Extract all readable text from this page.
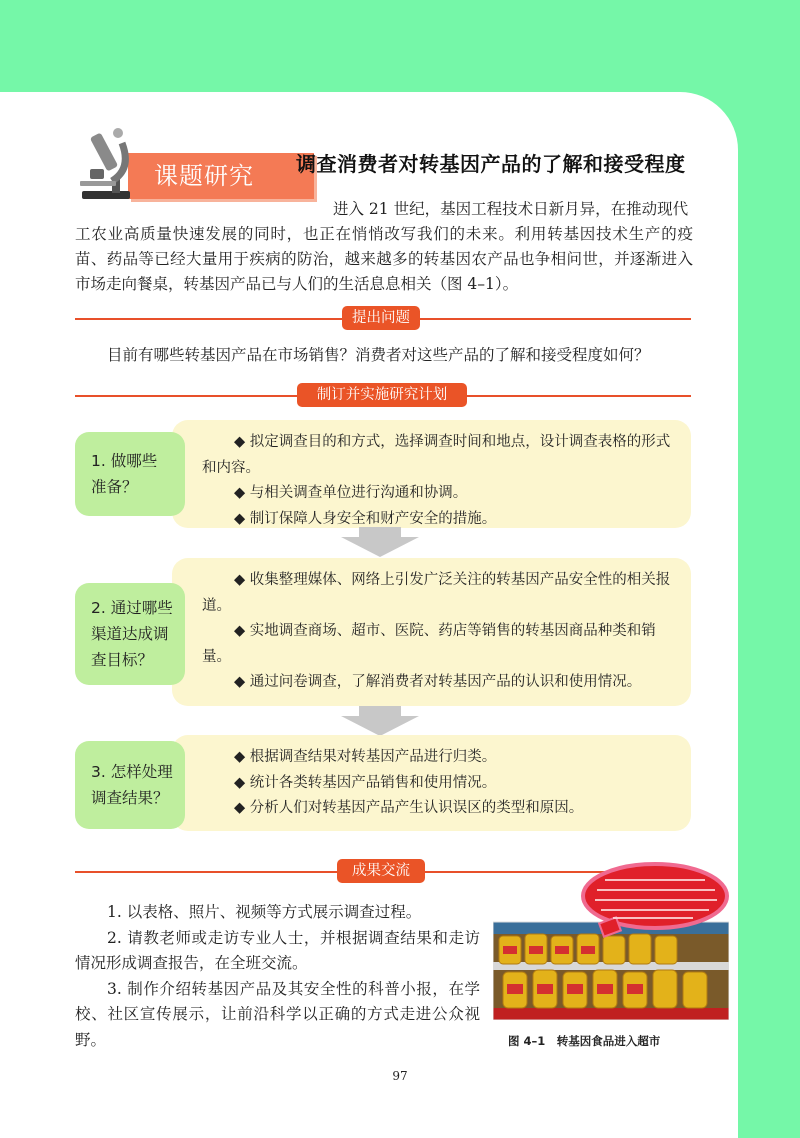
课题研究	调查消费者对转基因产品的了解和接受程度
进入 21 世纪，基因工程技术日新月异，在推动现代
工农业高质量快速发展的同时，也正在悄悄改写我们的未来。利用转基因技术生产的疫苗、药品等已经大量用于疾病的防治，越来越多的转基因农产品也争相问世，并逐渐进入市场走向餐桌，转基因产品已与人们的生活息息相关（图 4–1）。
提出问题
目前有哪些转基因产品在市场销售？消费者对这些产品的了解和接受程度如何？
制订并实施研究计划

◆ 拟定调查目的和方式，选择调查时间和地点，设计调查表格的形式和内容。

◆ 与相关调查单位进行沟通和协调。

◆ 制订保障人身安全和财产安全的措施。

1. 做哪些
准备？

◆ 收集整理媒体、网络上引发广泛关注的转基因产品安全性的相关报道。

◆ 实地调查商场、超市、医院、药店等销售的转基因商品种类和销量。

◆ 通过问卷调查，了解消费者对转基因产品的认识和使用情况。

2. 通过哪些
渠道达成调
查目标？

◆ 根据调查结果对转基因产品进行归类。

◆ 统计各类转基因产品销售和使用情况。

◆ 分析人们对转基因产品产生认识误区的类型和原因。

3. 怎样处理
调查结果？
成果交流

1. 以表格、照片、视频等方式展示调查过程。

2. 请教老师或走访专业人士，并根据调查结果和走访情况形成调查报告，在全班交流。

3. 制作介绍转基因产品及其安全性的科普小报，在学校、社区宣传展示，让前沿科学以正确的方式走进公众视野。	图 4–1　转基因食品进入超市
97
